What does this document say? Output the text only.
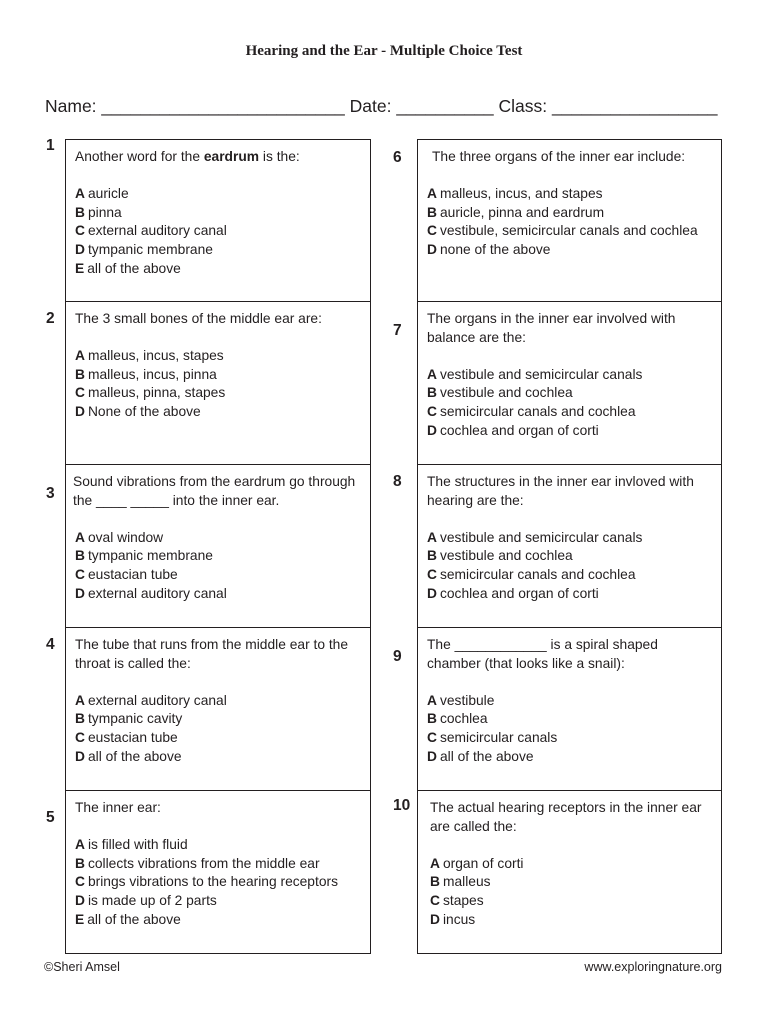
Hearing and the Ear - Multiple Choice Test
Name: _________________________ Date: __________ Class: _________________
1

Another word for the eardrum is the:

A auricle

B pinna

C external auditory canal

D tympanic membrane

E all of the above

2 The 3 small bones of the middle ear are:

A malleus, incus, stapes

B malleus, incus, pinna

C malleus, pinna, stapes

D None of the above

3

Sound vibrations from the eardrum go through the ____ _____ into the inner ear.

A oval window

B tympanic membrane

C eustacian tube

D external auditory canal

4 The tube that runs from the middle ear to the throat is called the:

A external auditory canal

B tympanic cavity

C eustacian tube

D all of the above

5

The inner ear:

A is filled with fluid

B collects vibrations from the middle ear

C brings vibrations to the hearing receptors

D is made up of 2 parts

E all of the above

6 The three organs of the inner ear include:

A malleus, incus, and stapes

B auricle, pinna and eardrum

C vestibule, semicircular canals and cochlea

D none of the above

7

The organs in the inner ear involved with balance are the:

A vestibule and semicircular canals

B vestibule and cochlea

C semicircular canals and cochlea

D cochlea and organ of corti

8 The structures in the inner ear invloved with hearing are the:

A vestibule and semicircular canals

B vestibule and cochlea

C semicircular canals and cochlea

D cochlea and organ of corti

9

The ____________ is a spiral shaped chamber (that looks like a snail):

A vestibule

B cochlea

C semicircular canals

D all of the above

10 The actual hearing receptors in the inner ear are called the:

A organ of corti

B malleus

C stapes

D incus

©Sheri Amsel	www.exploringnature.org
